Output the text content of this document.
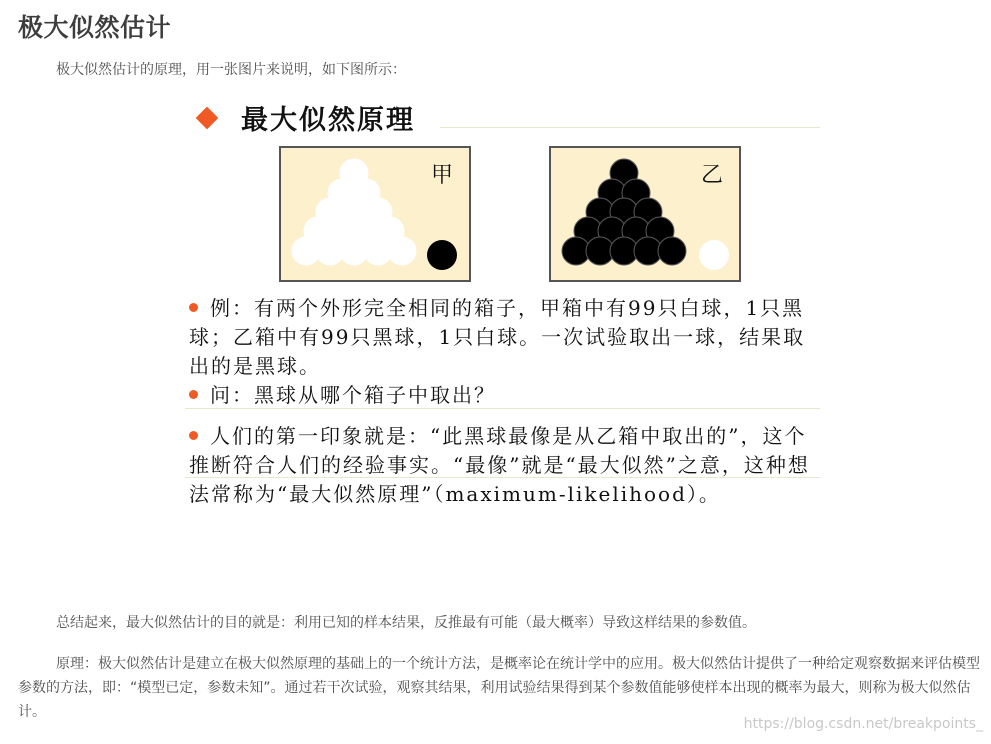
极大似然估计

极大似然估计的原理，用一张图片来说明，如下图所示：

最大似然原理
甲	乙

例：有两个外形完全相同的箱子，甲箱中有99只白球，1只黑球；乙箱中有99只黑球，1只白球。一次试验取出一球，结果取出的是黑球。

问：黑球从哪个箱子中取出？

人们的第一印象就是：“此黑球最像是从乙箱中取出的”，这个推断符合人们的经验事实。“最像”就是“最大似然”之意，这种想法常称为“最大似然原理”（maximum-likelihood）。

总结起来，最大似然估计的目的就是：利用已知的样本结果，反推最有可能（最大概率）导致这样结果的参数值。

原理：极大似然估计是建立在极大似然原理的基础上的一个统计方法，是概率论在统计学中的应用。极大似然估计提供了一种给定观察数据来评估模型参数的方法，即：“模型已定，参数未知”。通过若干次试验，观察其结果，利用试验结果得到某个参数值能够使样本出现的概率为最大，则称为极大似然估计。

https://blog.csdn.net/breakpoints_
